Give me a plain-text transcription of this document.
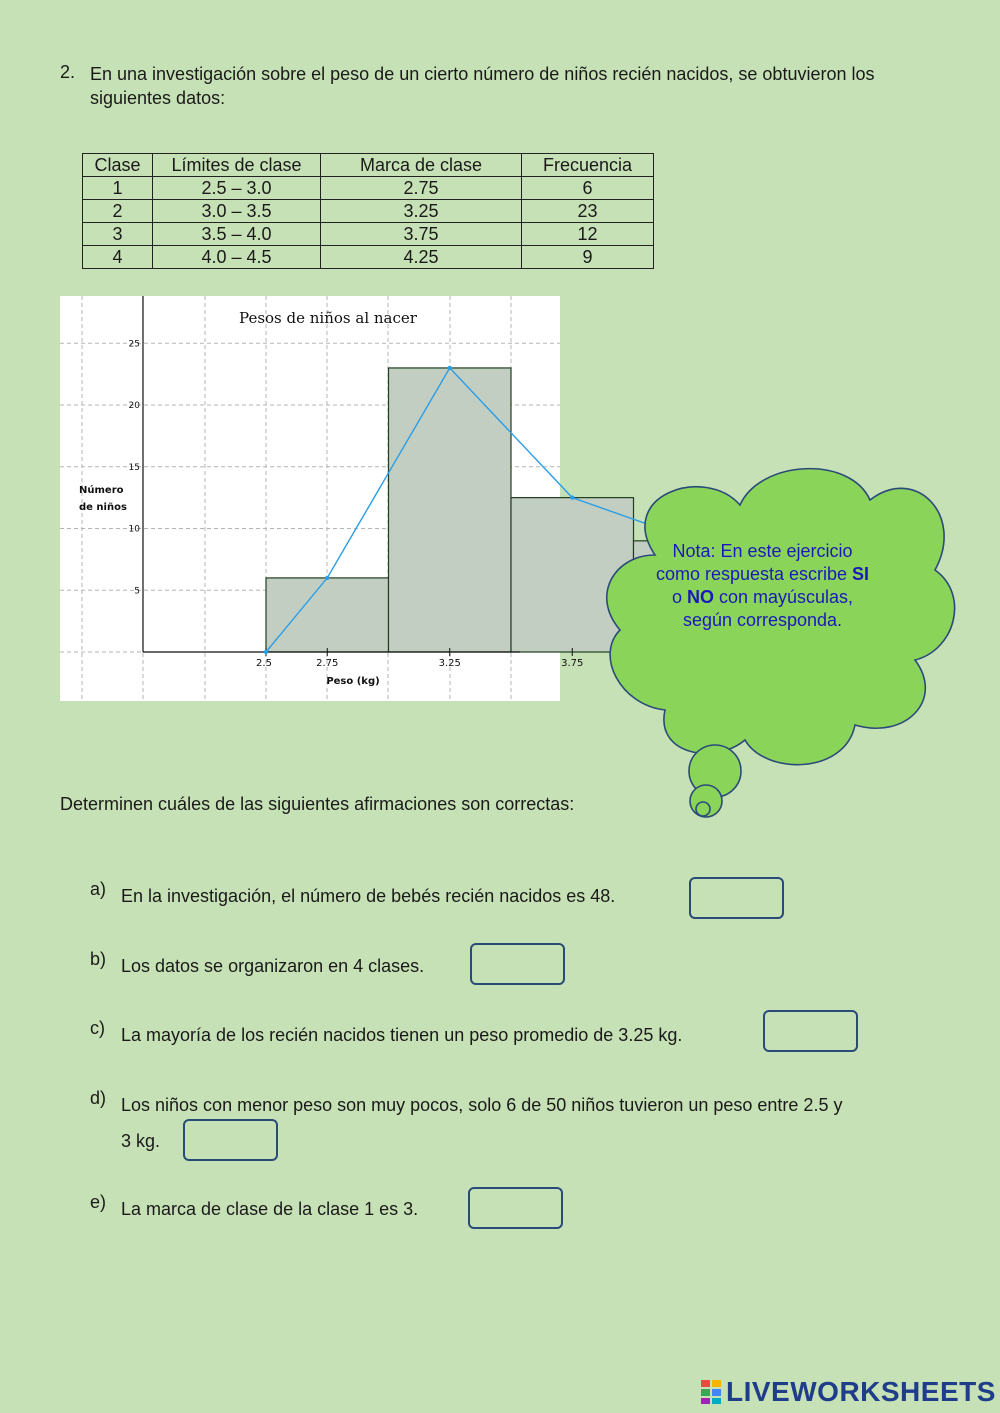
2. En una investigación sobre el peso de un cierto número de niños recién nacidos, se obtuvieron los siguientes datos:
Clase	Límites de clase	Marca de clase	Frecuencia
1	2.5 – 3.0	2.75	6
2	3.0 – 3.5	3.25	23
3	3.5 – 4.0	3.75	12
4	4.0 – 4.5	4.25	9
Pesos de niños al nacer
2.5	2.75	3.25	3.75
5
10
15
20
25
Peso (kg)
Número
de niños
Nota: En este ejercicio como respuesta escribe SI o NO con mayúsculas, según corresponda.
Determinen cuáles de las siguientes afirmaciones son correctas:
a) En la investigación, el número de bebés recién nacidos es 48.
b) Los datos se organizaron en 4 clases.
c) La mayoría de los recién nacidos tienen un peso promedio de 3.25 kg.
d) Los niños con menor peso son muy pocos, solo 6 de 50 niños tuvieron un peso entre 2.5 y
3 kg.
e) La marca de clase de la clase 1 es 3.
LIVEWORKSHEETS
